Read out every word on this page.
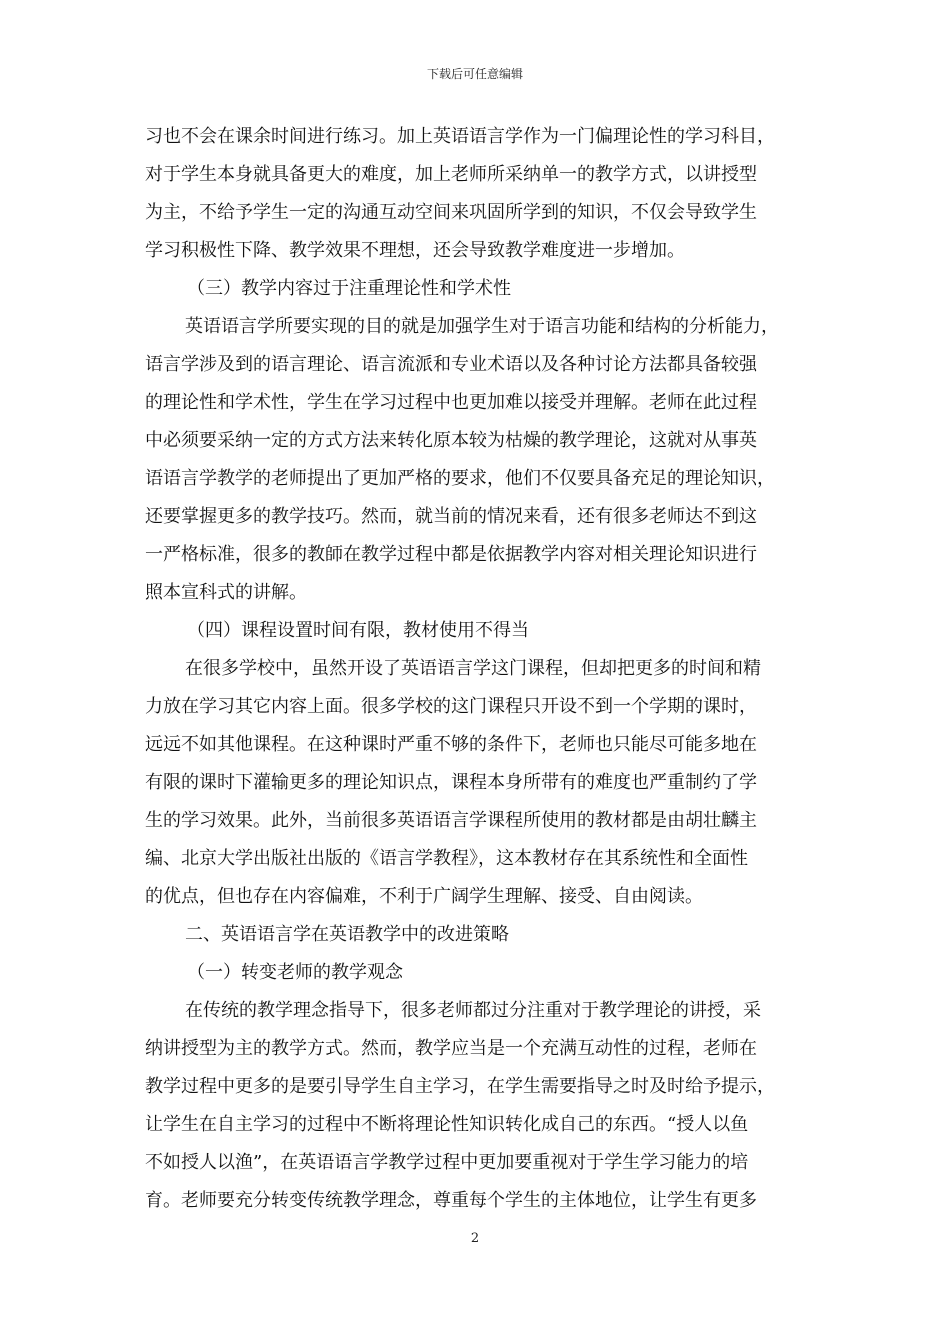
下载后可任意编辑
习也不会在课余时间进行练习。加上英语语言学作为一门偏理论性的学习科目，
对于学生本身就具备更大的难度，加上老师所采纳单一的教学方式，以讲授型
为主，不给予学生一定的沟通互动空间来巩固所学到的知识，不仅会导致学生
学习积极性下降、教学效果不理想，还会导致教学难度进一步增加。
（三）教学内容过于注重理论性和学术性
英语语言学所要实现的目的就是加强学生对于语言功能和结构的分析能力，
语言学涉及到的语言理论、语言流派和专业术语以及各种讨论方法都具备较强
的理论性和学术性，学生在学习过程中也更加难以接受并理解。老师在此过程
中必须要采纳一定的方式方法来转化原本较为枯燥的教学理论，这就对从事英
语语言学教学的老师提出了更加严格的要求，他们不仅要具备充足的理论知识，
还要掌握更多的教学技巧。然而，就当前的情况来看，还有很多老师达不到这
一严格标准，很多的教師在教学过程中都是依据教学内容对相关理论知识进行
照本宣科式的讲解。
（四）课程设置时间有限，教材使用不得当
在很多学校中，虽然开设了英语语言学这门课程，但却把更多的时间和精
力放在学习其它内容上面。很多学校的这门课程只开设不到一个学期的课时，
远远不如其他课程。在这种课时严重不够的条件下，老师也只能尽可能多地在
有限的课时下灌输更多的理论知识点，课程本身所带有的难度也严重制约了学
生的学习效果。此外，当前很多英语语言学课程所使用的教材都是由胡壮麟主
编、北京大学出版社出版的《语言学教程》，这本教材存在其系统性和全面性
的优点，但也存在内容偏难，不利于广阔学生理解、接受、自由阅读。
二、英语语言学在英语教学中的改进策略
（一）转变老师的教学观念
在传统的教学理念指导下，很多老师都过分注重对于教学理论的讲授，采
纳讲授型为主的教学方式。然而，教学应当是一个充满互动性的过程，老师在
教学过程中更多的是要引导学生自主学习，在学生需要指导之时及时给予提示，
让学生在自主学习的过程中不断将理论性知识转化成自己的东西。“授人以鱼
不如授人以渔”，在英语语言学教学过程中更加要重视对于学生学习能力的培
育。老师要充分转变传统教学理念，尊重每个学生的主体地位，让学生有更多
2
